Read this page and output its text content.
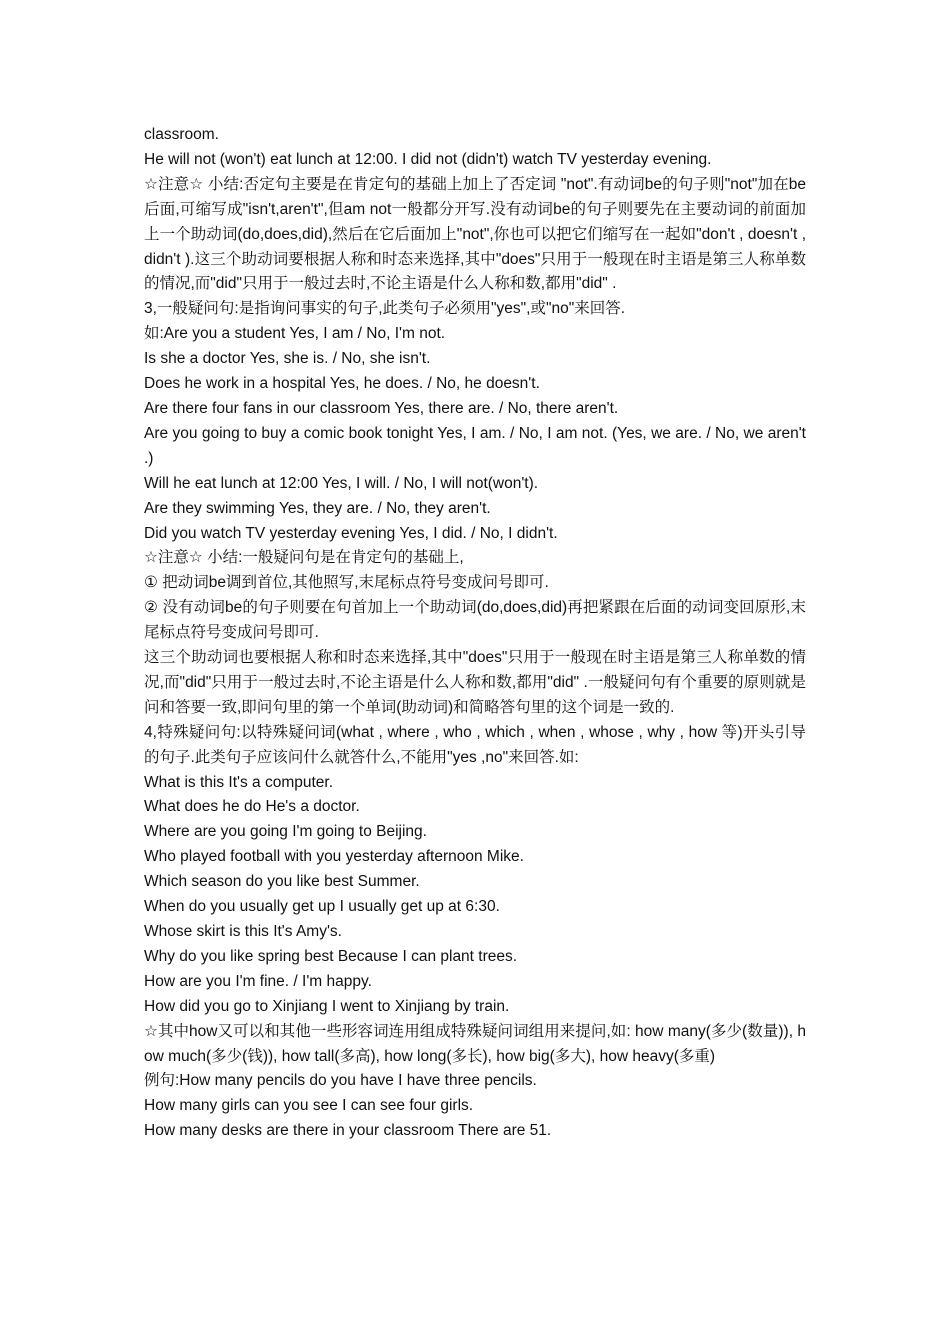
classroom.
He will not (won't) eat lunch at 12:00. I did not (didn't) watch TV yesterday evening.
☆注意☆ 小结:否定句主要是在肯定句的基础上加上了否定词 "not".有动词be的句子则"not"加在be后面,可缩写成"isn't,aren't",但am not一般都分开写.没有动词be的句子则要先在主要动词的前面加上一个助动词(do,does,did),然后在它后面加上"not",你也可以把它们缩写在一起如"don't , doesn't , didn't ).这三个助动词要根据人称和时态来选择,其中"does"只用于一般现在时主语是第三人称单数的情况,而"did"只用于一般过去时,不论主语是什么人称和数,都用"did" .
3,一般疑问句:是指询问事实的句子,此类句子必须用"yes",或"no"来回答.
如:Are you a student Yes, I am / No, I'm not.
Is she a doctor Yes, she is. / No, she isn't.
Does he work in a hospital Yes, he does. / No, he doesn't.
Are there four fans in our classroom Yes, there are. / No, there aren't.
Are you going to buy a comic book tonight Yes, I am. / No, I am not. (Yes, we are. / No, we aren't.)
Will he eat lunch at 12:00 Yes, I will. / No, I will not(won't).
Are they swimming Yes, they are. / No, they aren't.
Did you watch TV yesterday evening Yes, I did. / No, I didn't.
☆注意☆ 小结:一般疑问句是在肯定句的基础上,
① 把动词be调到首位,其他照写,末尾标点符号变成问号即可.
② 没有动词be的句子则要在句首加上一个助动词(do,does,did)再把紧跟在后面的动词变回原形,末尾标点符号变成问号即可.
这三个助动词也要根据人称和时态来选择,其中"does"只用于一般现在时主语是第三人称单数的情况,而"did"只用于一般过去时,不论主语是什么人称和数,都用"did" .一般疑问句有个重要的原则就是问和答要一致,即问句里的第一个单词(助动词)和简略答句里的这个词是一致的.
4,特殊疑问句:以特殊疑问词(what , where , who , which , when , whose , why , how 等)开头引导的句子.此类句子应该问什么就答什么,不能用"yes ,no"来回答.如:
What is this It's a computer.
What does he do He's a doctor.
Where are you going I'm going to Beijing.
Who played football with you yesterday afternoon Mike.
Which season do you like best Summer.
When do you usually get up I usually get up at 6:30.
Whose skirt is this It's Amy's.
Why do you like spring best Because I can plant trees.
How are you I'm fine. / I'm happy.
How did you go to Xinjiang I went to Xinjiang by train.
☆其中how又可以和其他一些形容词连用组成特殊疑问词组用来提问,如: how many(多少(数量)), how much(多少(钱)), how tall(多高), how long(多长), how big(多大), how heavy(多重)
例句:How many pencils do you have I have three pencils.
How many girls can you see I can see four girls.
How many desks are there in your classroom There are 51.
